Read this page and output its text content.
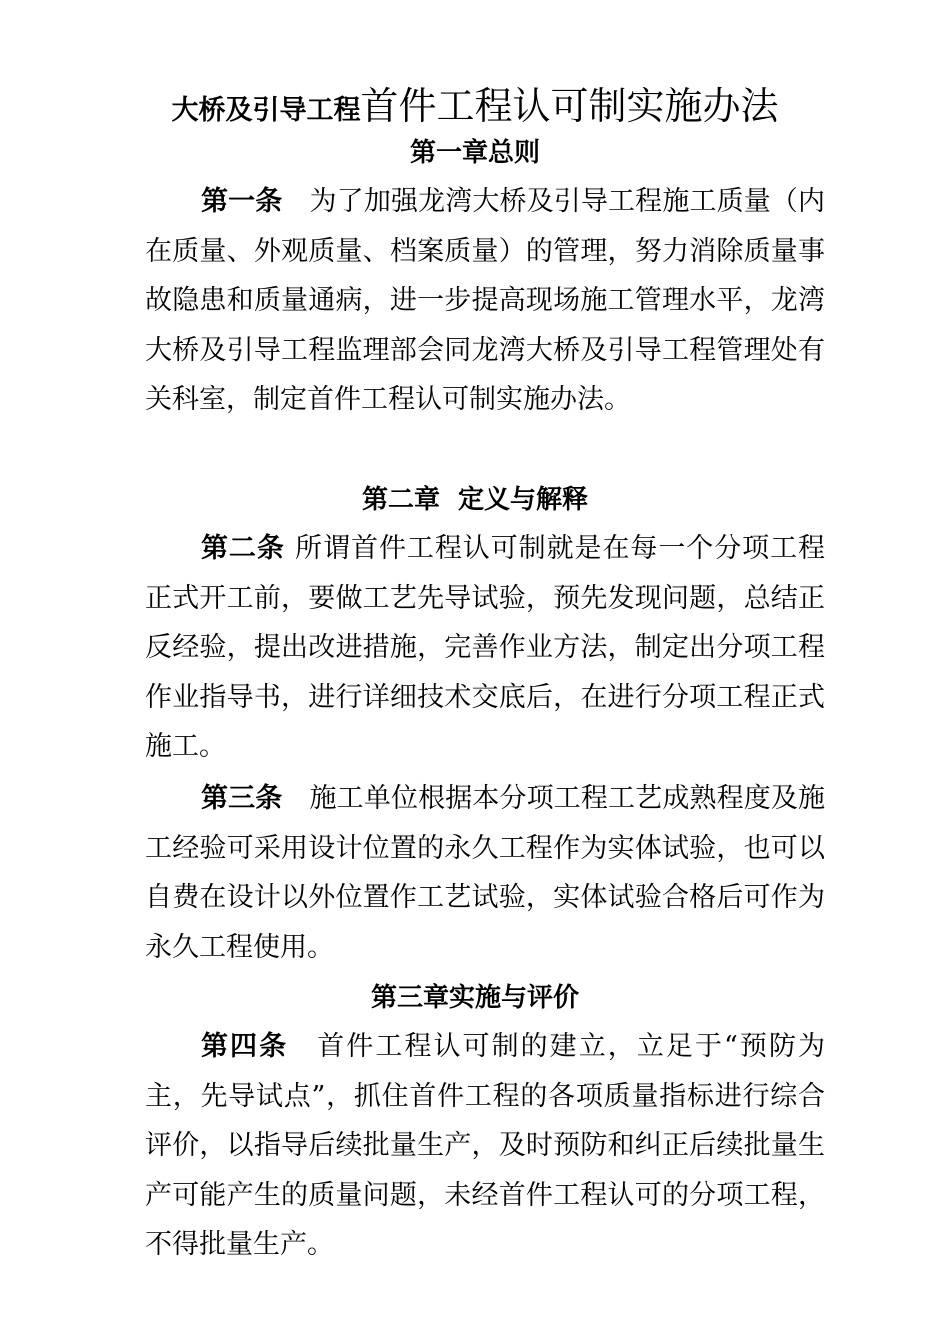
大桥及引导工程首件工程认可制实施办法
第一章总则
第一条　为了加强龙湾大桥及引导工程施工质量（内在质量、外观质量、档案质量）的管理，努力消除质量事故隐患和质量通病，进一步提高现场施工管理水平，龙湾大桥及引导工程监理部会同龙湾大桥及引导工程管理处有关科室，制定首件工程认可制实施办法。
第二章  定义与解释
第二条 所谓首件工程认可制就是在每一个分项工程正式开工前，要做工艺先导试验，预先发现问题，总结正反经验，提出改进措施，完善作业方法，制定出分项工程作业指导书，进行详细技术交底后，在进行分项工程正式施工。
第三条　施工单位根据本分项工程工艺成熟程度及施工经验可采用设计位置的永久工程作为实体试验，也可以自费在设计以外位置作工艺试验，实体试验合格后可作为永久工程使用。
第三章实施与评价
第四条　首件工程认可制的建立，立足于“预防为主，先导试点”，抓住首件工程的各项质量指标进行综合评价，以指导后续批量生产，及时预防和纠正后续批量生产可能产生的质量问题，未经首件工程认可的分项工程，不得批量生产。
